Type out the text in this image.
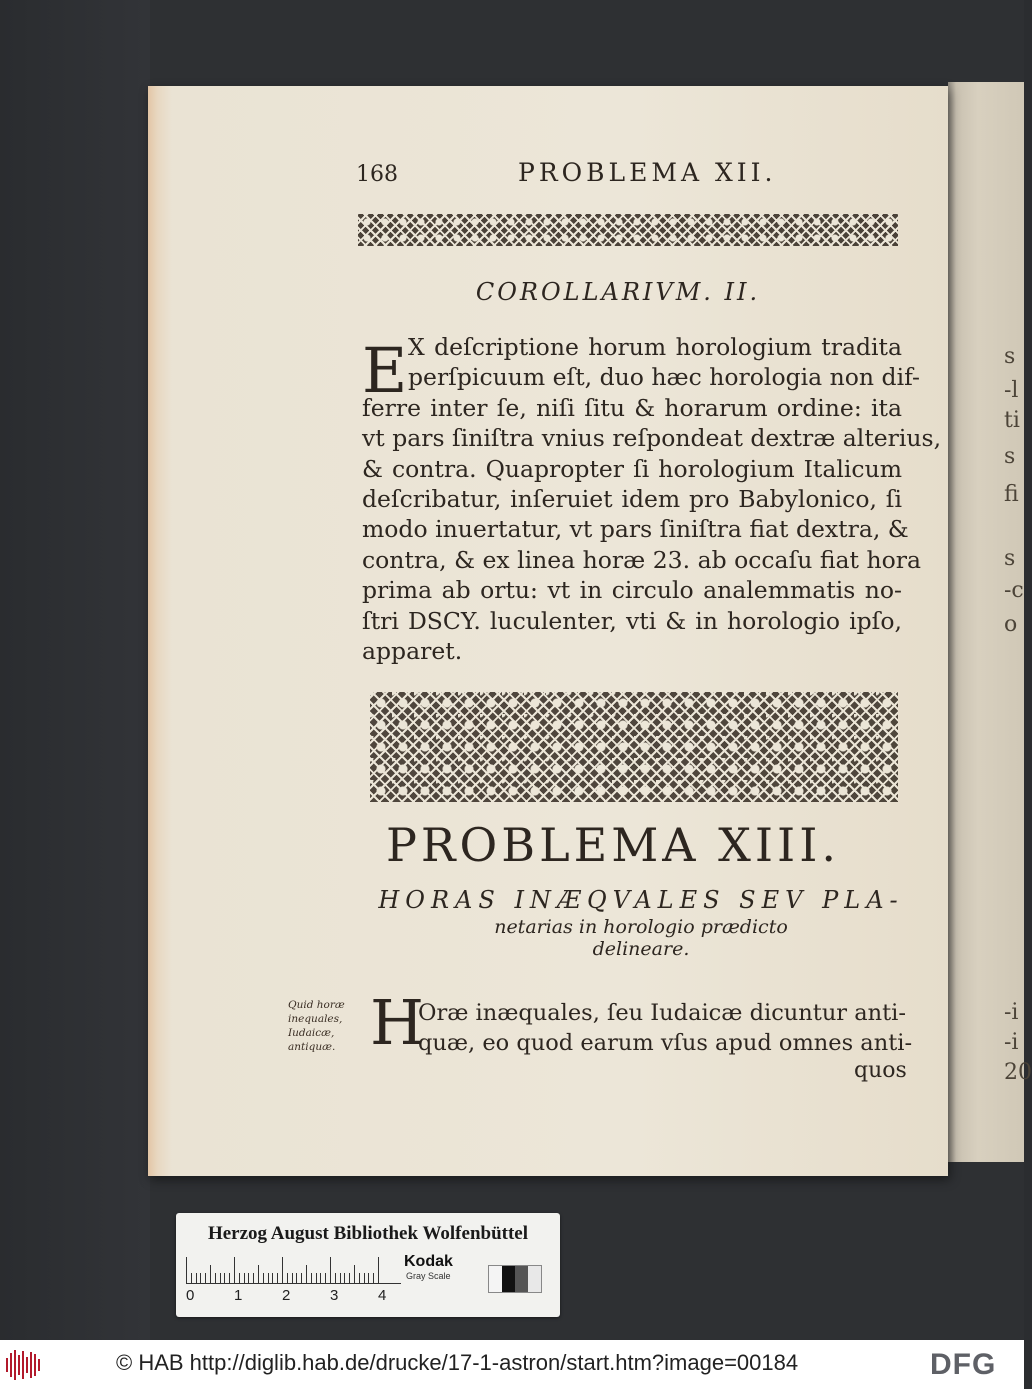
s
-l
ti
s
fi
s
-c
o
-i
-i
20
168	PROBLEMA XII.
COROLLARIVM. II.
E X deſcriptione horum horologium tradita
perſpicuum eſt, duo hæc horologia non dif-
ferre inter ſe, niſi ſitu & horarum ordine: ita
vt pars ſiniſtra vnius reſpondeat dextræ alterius,
& contra. Quapropter ſi horologium Italicum
deſcribatur, inſeruiet idem pro Babylonico, ſi
modo inuertatur, vt pars ſiniſtra fiat dextra, &
contra, & ex linea horæ 23. ab occaſu fiat hora
prima ab ortu: vt in circulo analemmatis no-
ſtri DSCY. luculenter, vti & in horologio ipſo,
apparet.
PROBLEMA XIII.
HORAS INÆQVALES SEV PLA-
netarias in horologio prædicto
delineare.
Quid horæ inequales, Iudaicæ, antiquæ. H
Oræ inæquales, ſeu Iudaicæ dicuntur anti-
quæ, eo quod earum vſus apud omnes anti-
quos
Herzog August Bibliothek Wolfenbüttel
0	1	2	3	4
Kodak
Gray Scale
© HAB http://diglib.hab.de/drucke/17-1-astron/start.htm?image=00184	DFG
